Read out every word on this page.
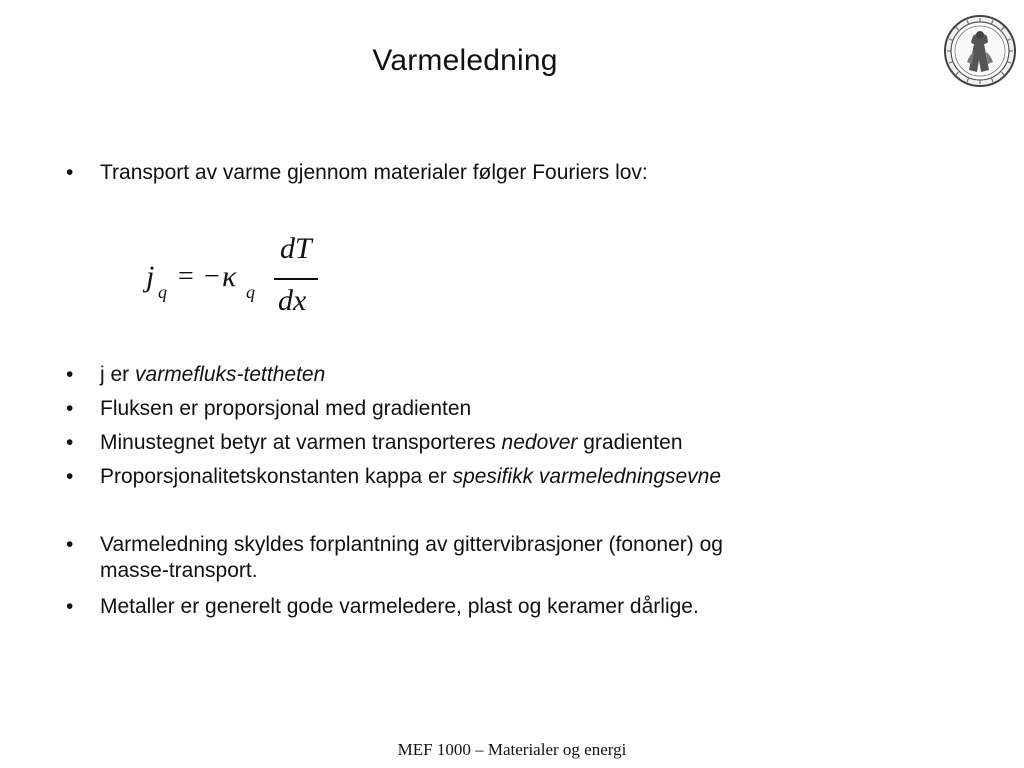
Varmeledning
• Transport av varme gjennom materialer følger Fouriers lov:
• j er varmefluks-tettheten
• Fluksen er proporsjonal med gradienten
• Minustegnet betyr at varmen transporteres nedover gradienten
• Proporsjonalitetskonstanten kappa er spesifikk varmeledningsevne
• Varmeledning skyldes forplantning av gittervibrasjoner (fononer) og
masse-transport.
• Metaller er generelt gode varmeledere, plast og keramer dårlige.
j q = − κ q
dT
dx
MEF 1000 – Materialer og energi
